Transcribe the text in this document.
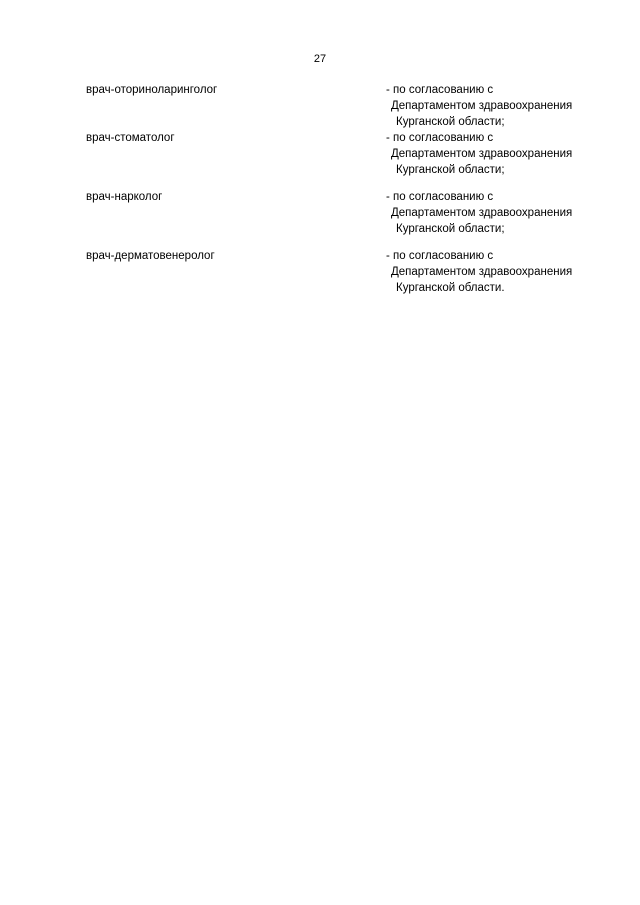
27
врач-оториноларинголог	- по согласованию с
Департаментом здравоохранения
Курганской области;
врач-стоматолог	- по согласованию с
Департаментом здравоохранения
Курганской области;
врач-нарколог	- по согласованию с
Департаментом здравоохранения
Курганской области;
врач-дерматовенеролог	- по согласованию с
Департаментом здравоохранения
Курганской области.
